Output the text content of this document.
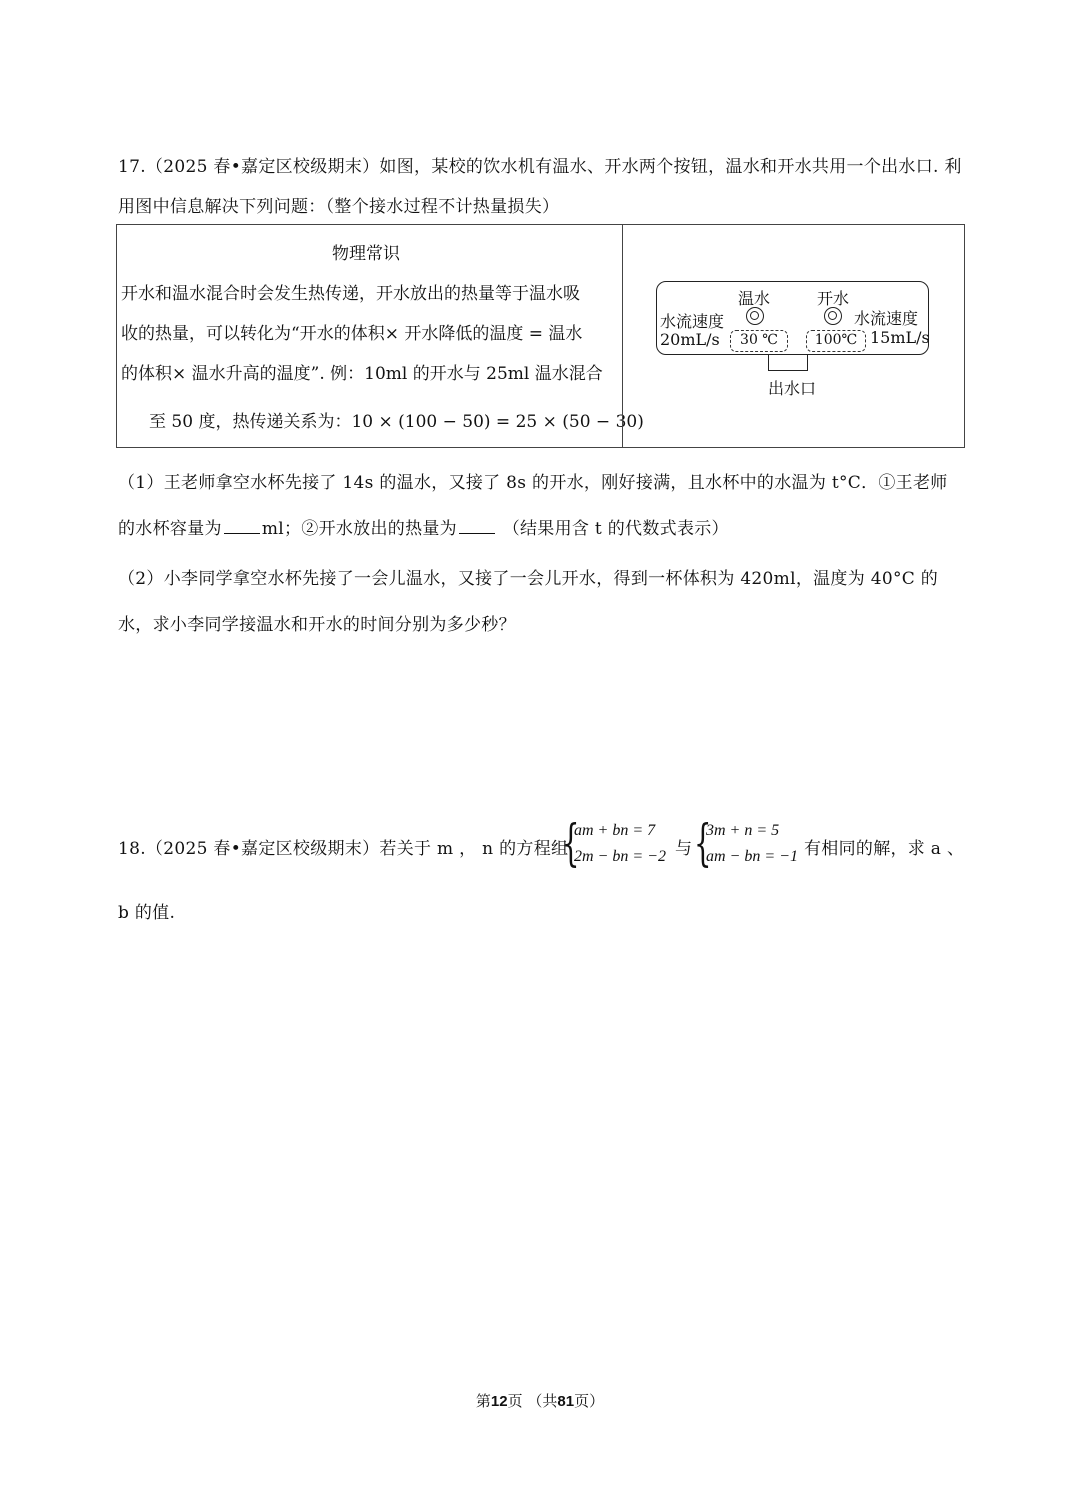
17.（2025 春•嘉定区校级期末）如图，某校的饮水机有温水、开水两个按钮，温水和开水共用一个出水口. 利
用图中信息解决下列问题：（整个接水过程不计热量损失）
物理常识
开水和温水混合时会发生热传递，开水放出的热量等于温水吸
收的热量，可以转化为“开水的体积× 开水降低的温度 = 温水
的体积× 温水升高的温度”. 例：10ml 的开水与 25ml 温水混合
至 50 度，热传递关系为：10 × (100 − 50) = 25 × (50 − 30)
温水	开水
水流速度
20mL/s
水流速度
15mL/s
30 ℃	100℃
出水口
（1）王老师拿空水杯先接了 14s 的温水，又接了 8s 的开水，刚好接满，且水杯中的水温为 t°C．①王老师
的水杯容量为 ml；②开水放出的热量为	（结果用含 t 的代数式表示）
（2）小李同学拿空水杯先接了一会儿温水，又接了一会儿开水，得到一杯体积为 420ml，温度为 40°C 的
水，求小李同学接温水和开水的时间分别为多少秒？
18.（2025 春•嘉定区校级期末）若关于 m ， n 的方程组
{
am + bn = 7
2m − bn = −2 与 {
3m + n = 5
am − bn = −1 有相同的解，求 a 、
b 的值.
第12页 （共81页）
